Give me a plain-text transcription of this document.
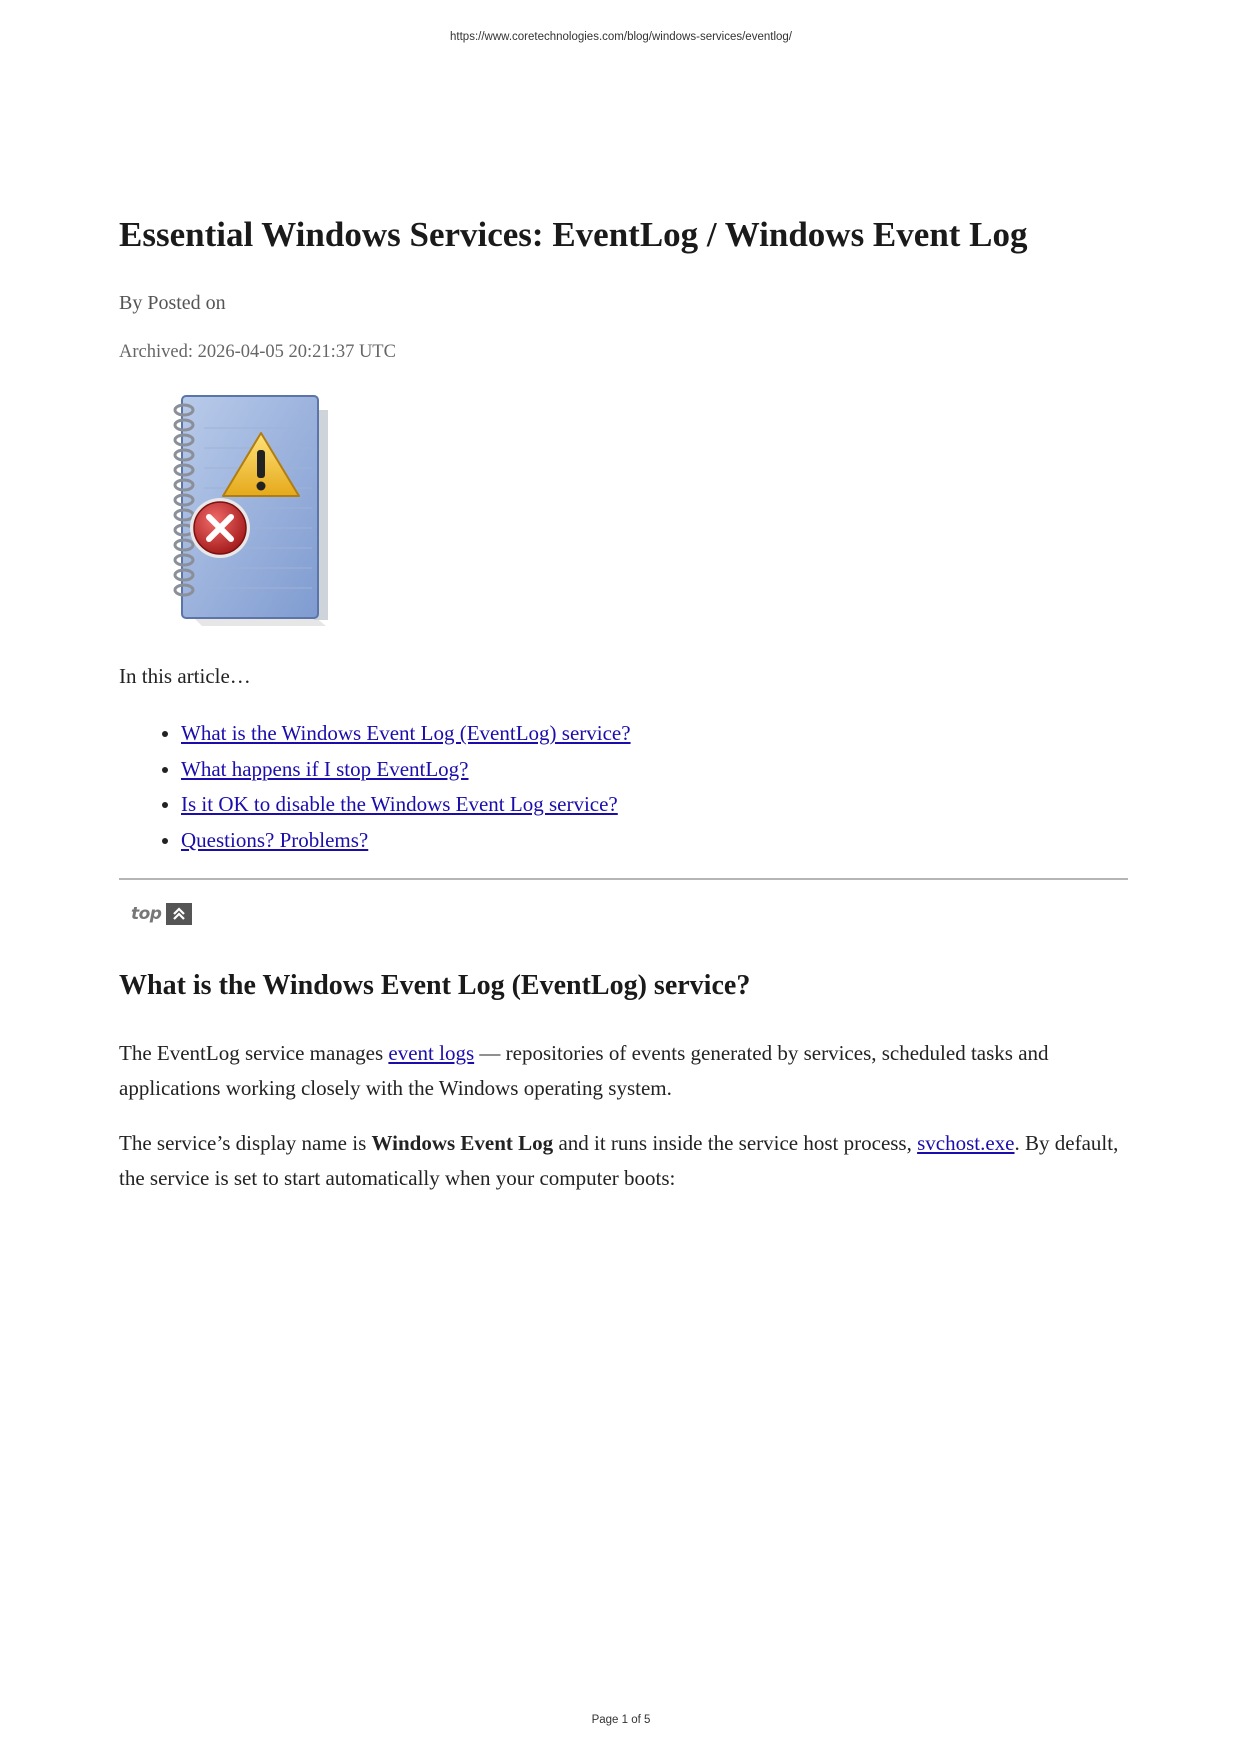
https://www.coretechnologies.com/blog/windows-services/eventlog/
Essential Windows Services: EventLog / Windows Event Log
By Posted on
Archived: 2026-04-05 20:21:37 UTC
In this article…
• What is the Windows Event Log (EventLog) service?
• What happens if I stop EventLog?
• Is it OK to disable the Windows Event Log service?
• Questions? Problems?
top
What is the Windows Event Log (EventLog) service?

The EventLog service manages event logs — repositories of events generated by services, scheduled tasks and applications working closely with the Windows operating system.

The service’s display name is Windows Event Log and it runs inside the service host process, svchost.exe. By default, the service is set to start automatically when your computer boots:

Page 1 of 5
